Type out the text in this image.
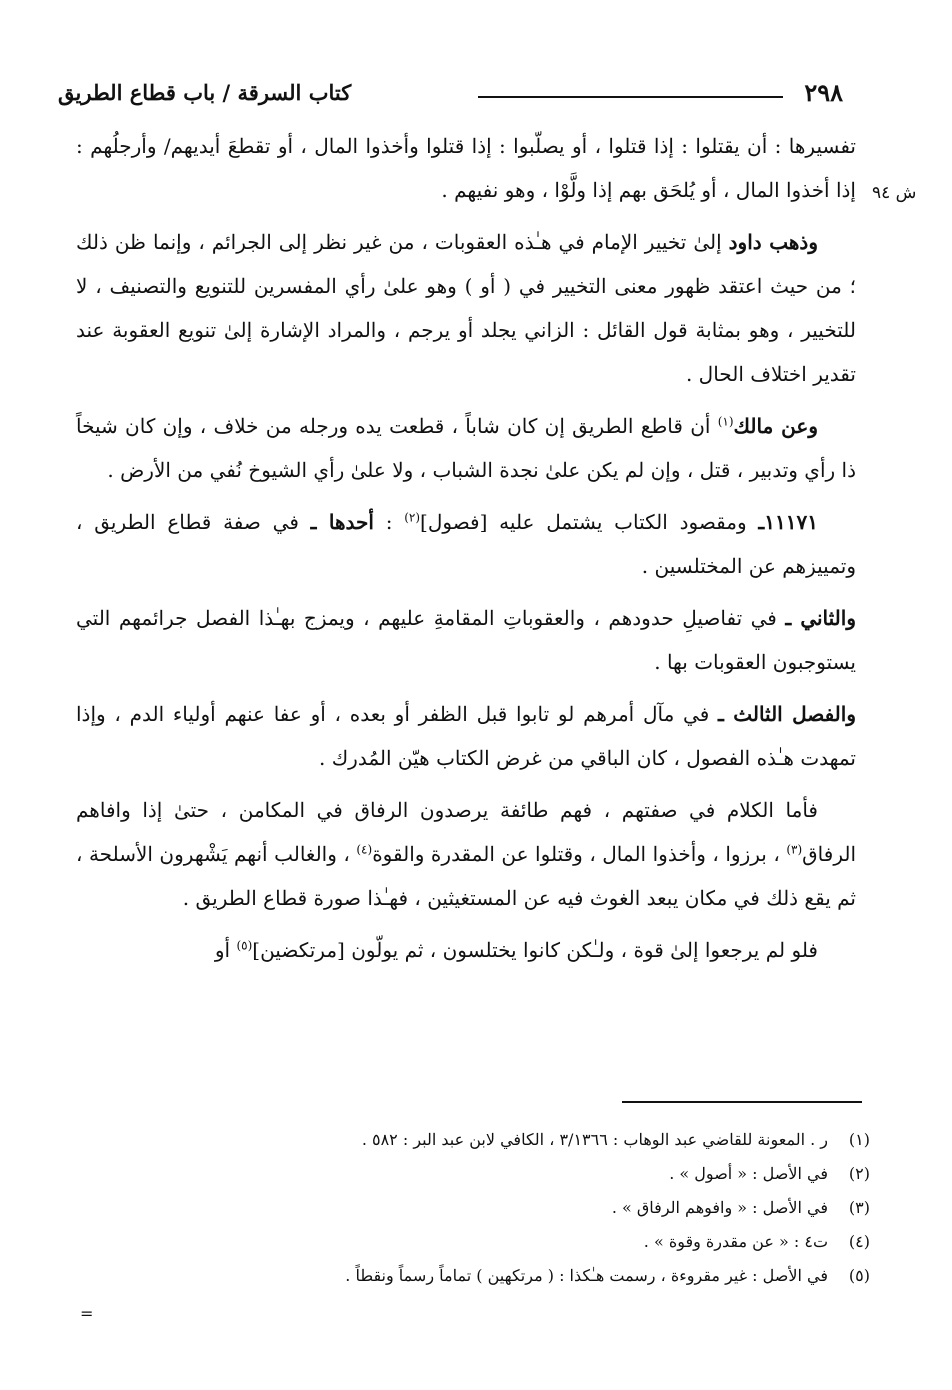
٢٩٨
كتاب السرقة / باب قطاع الطريق
ش ٩٤

تفسيرها : أن يقتلوا : إذا قتلوا ، أو يصلّبوا : إذا قتلوا وأخذوا المال ، أو تقطعَ أيديهم/ وأرجلُهم : إذا أخذوا المال ، أو يُلحَق بهم إذا ولَّوْا ، وهو نفيهم .

وذهب داود إلىٰ تخيير الإمام في هـٰذه العقوبات ، من غير نظر إلى الجرائم ، وإنما ظن ذلك ؛ من حيث اعتقد ظهور معنى التخيير في ( أو ) وهو علىٰ رأي المفسرين للتنويع والتصنيف ، لا للتخيير ، وهو بمثابة قول القائل : الزاني يجلد أو يرجم ، والمراد الإشارة إلىٰ تنويع العقوبة عند تقدير اختلاف الحال .

وعن مالك$^{(١)}$ أن قاطع الطريق إن كان شاباً ، قطعت يده ورجله من خلاف ، وإن كان شيخاً ذا رأي وتدبير ، قتل ، وإن لم يكن علىٰ نجدة الشباب ، ولا علىٰ رأي الشيوخ نُفي من الأرض .

١١١٧١ـ ومقصود الكتاب يشتمل عليه [فصول]$^{(٢)}$ : أحدها ـ في صفة قطاع الطريق ، وتمييزهم عن المختلسين .

والثاني ـ في تفاصيلِ حدودهم ، والعقوباتِ المقامةِ عليهم ، ويمزج بهـٰذا الفصل جرائمهم التي يستوجبون العقوبات بها .

والفصل الثالث ـ في مآل أمرهم لو تابوا قبل الظفر أو بعده ، أو عفا عنهم أولياء الدم ، وإذا تمهدت هـٰذه الفصول ، كان الباقي من غرض الكتاب هيّن المُدرك .

فأما الكلام في صفتهم ، فهم طائفة يرصدون الرفاق في المكامن ، حتىٰ إذا وافاهم الرفاق$^{(٣)}$ ، برزوا ، وأخذوا المال ، وقتلوا عن المقدرة والقوة$^{(٤)}$ ، والغالب أنهم يَشْهرون الأسلحة ، ثم يقع ذلك في مكان يبعد الغوث فيه عن المستغيثين ، فهـٰذا صورة قطاع الطريق .

فلو لم يرجعوا إلىٰ قوة ، ولـٰكن كانوا يختلسون ، ثم يولّون [مرتكضين]$^{(٥)}$ أو

(١)ر . المعونة للقاضي عبد الوهاب : ٣/١٣٦٦ ، الكافي لابن عبد البر : ٥٨٢ .
(٢)في الأصل : « أصول » .
(٣)في الأصل : « وافوهم الرفاق » .
(٤)ت٤ : « عن مقدرة وقوة » .
(٥)في الأصل : غير مقروءة ، رسمت هـٰكذا : ( مرتكهين ) تماماً رسماً ونقطاً .
=
